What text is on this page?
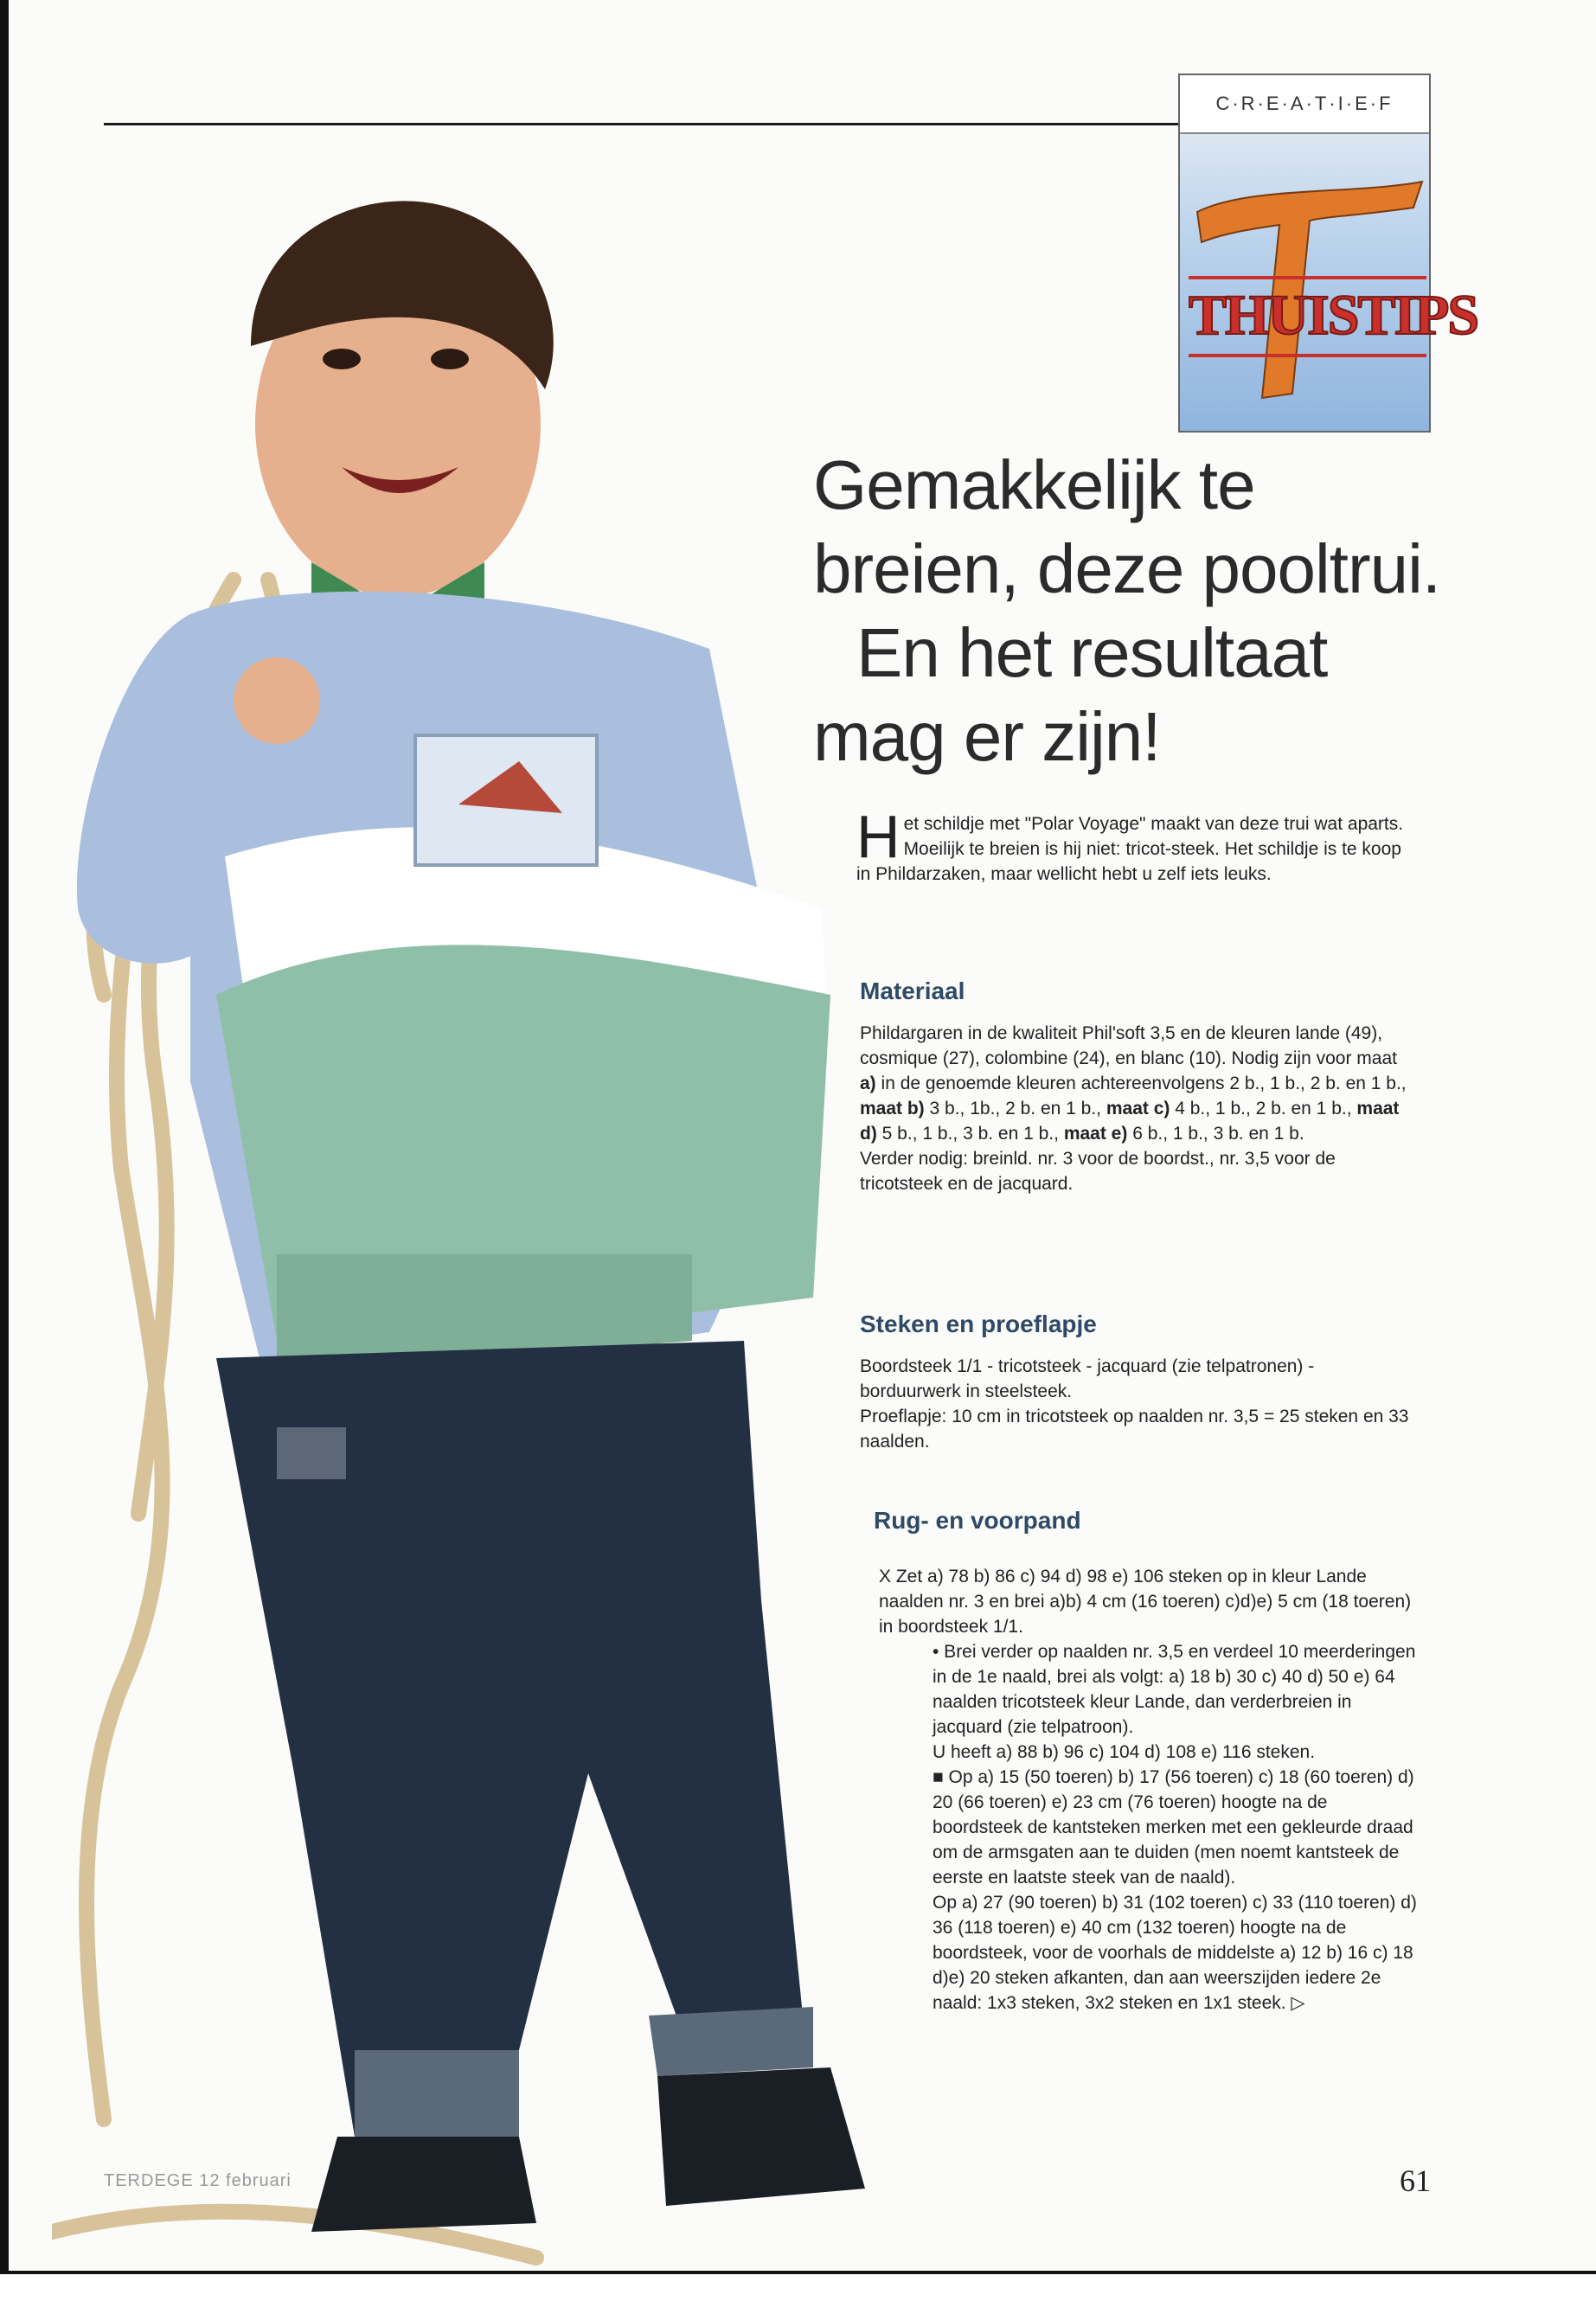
C·R·E·A·T·I·E·F
THUISTIPS
Gemakkelijk te
breien, deze pooltrui.
En het resultaat
mag er zijn!
H et schildje met "Polar Voyage" maakt van deze trui wat aparts. Moeilijk te breien is hij niet: tricot-steek. Het schildje is te koop in Phildarzaken, maar wellicht hebt u zelf iets leuks.
Materiaal
Phildargaren in de kwaliteit Phil'soft 3,5 en de kleuren lande (49), cosmique (27), colombine (24), en blanc (10). Nodig zijn voor maat a) in de genoemde kleuren achtereenvolgens 2 b., 1 b., 2 b. en 1 b., maat b) 3 b., 1b., 2 b. en 1 b., maat c) 4 b., 1 b., 2 b. en 1 b., maat d) 5 b., 1 b., 3 b. en 1 b., maat e) 6 b., 1 b., 3 b. en 1 b.
Verder nodig: breinld. nr. 3 voor de boordst., nr. 3,5 voor de tricotsteek en de jacquard.
Steken en proeflapje
Boordsteek 1/1 - tricotsteek - jacquard (zie telpatronen) - borduurwerk in steelsteek.
Proeflapje: 10 cm in tricotsteek op naalden nr. 3,5 = 25 steken en 33 naalden.
Rug- en voorpand
X Zet a) 78 b) 86 c) 94 d) 98 e) 106 steken op in kleur Lande naalden nr. 3 en brei a)b) 4 cm (16 toeren) c)d)e) 5 cm (18 toeren) in boordsteek 1/1.
• Brei verder op naalden nr. 3,5 en verdeel 10 meerderingen in de 1e naald, brei als volgt: a) 18 b) 30 c) 40 d) 50 e) 64 naalden tricotsteek kleur Lande, dan verderbreien in jacquard (zie telpatroon).
U heeft a) 88 b) 96 c) 104 d) 108 e) 116 steken.
■ Op a) 15 (50 toeren) b) 17 (56 toeren) c) 18 (60 toeren) d) 20 (66 toeren) e) 23 cm (76 toeren) hoogte na de boordsteek de kantsteken merken met een gekleurde draad om de armsgaten aan te duiden (men noemt kantsteek de eerste en laatste steek van de naald).
Op a) 27 (90 toeren) b) 31 (102 toeren) c) 33 (110 toeren) d) 36 (118 toeren) e) 40 cm (132 toeren) hoogte na de boordsteek, voor de voorhals de middelste a) 12 b) 16 c) 18 d)e) 20 steken afkanten, dan aan weerszijden iedere 2e naald: 1x3 steken, 3x2 steken en 1x1 steek. ▷
TERDEGE 12 februari	61
